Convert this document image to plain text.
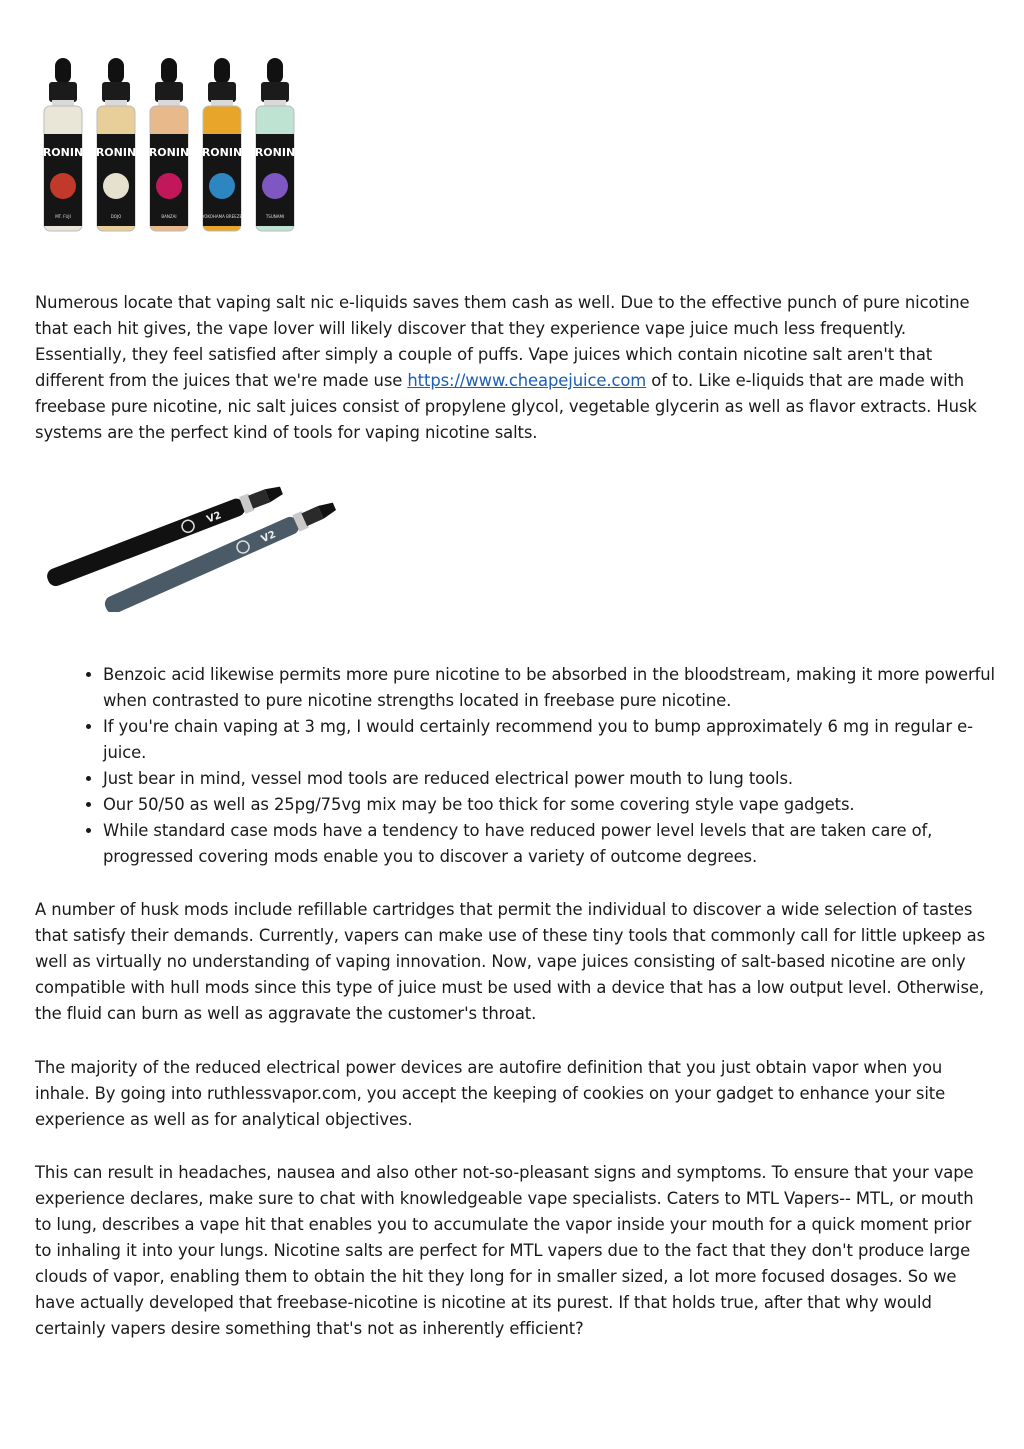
RONIN
MT. FUJI
RONIN
DOJO
RONIN
BANZAI
RONIN
YOKOHAMA BREEZE
RONIN
TSUNAMI

Numerous locate that vaping salt nic e-liquids saves them cash as well. Due to the effective punch of pure nicotine that each hit gives, the vape lover will likely discover that they experience vape juice much less frequently. Essentially, they feel satisfied after simply a couple of puffs. Vape juices which contain nicotine salt aren't that different from the juices that we're made use https://www.cheapejuice.com of to. Like e-liquids that are made with freebase pure nicotine, nic salt juices consist of propylene glycol, vegetable glycerin as well as flavor extracts. Husk systems are the perfect kind of tools for vaping nicotine salts.

• Benzoic acid likewise permits more pure nicotine to be absorbed in the bloodstream, making it more powerful when contrasted to pure nicotine strengths located in freebase pure nicotine.
• If you're chain vaping at 3 mg, I would certainly recommend you to bump approximately 6 mg in regular e-juice.
• Just bear in mind, vessel mod tools are reduced electrical power mouth to lung tools.
• Our 50/50 as well as 25pg/75vg mix may be too thick for some covering style vape gadgets.
• While standard case mods have a tendency to have reduced power level levels that are taken care of, progressed covering mods enable you to discover a variety of outcome degrees.

A number of husk mods include refillable cartridges that permit the individual to discover a wide selection of tastes that satisfy their demands. Currently, vapers can make use of these tiny tools that commonly call for little upkeep as well as virtually no understanding of vaping innovation. Now, vape juices consisting of salt-based nicotine are only compatible with hull mods since this type of juice must be used with a device that has a low output level. Otherwise, the fluid can burn as well as aggravate the customer's throat.

The majority of the reduced electrical power devices are autofire definition that you just obtain vapor when you inhale. By going into ruthlessvapor.com, you accept the keeping of cookies on your gadget to enhance your site experience as well as for analytical objectives.

This can result in headaches, nausea and also other not-so-pleasant signs and symptoms. To ensure that your vape experience declares, make sure to chat with knowledgeable vape specialists. Caters to MTL Vapers-- MTL, or mouth to lung, describes a vape hit that enables you to accumulate the vapor inside your mouth for a quick moment prior to inhaling it into your lungs. Nicotine salts are perfect for MTL vapers due to the fact that they don't produce large clouds of vapor, enabling them to obtain the hit they long for in smaller sized, a lot more focused dosages. So we have actually developed that freebase-nicotine is nicotine at its purest. If that holds true, after that why would certainly vapers desire something that's not as inherently efficient?

V2
V2
